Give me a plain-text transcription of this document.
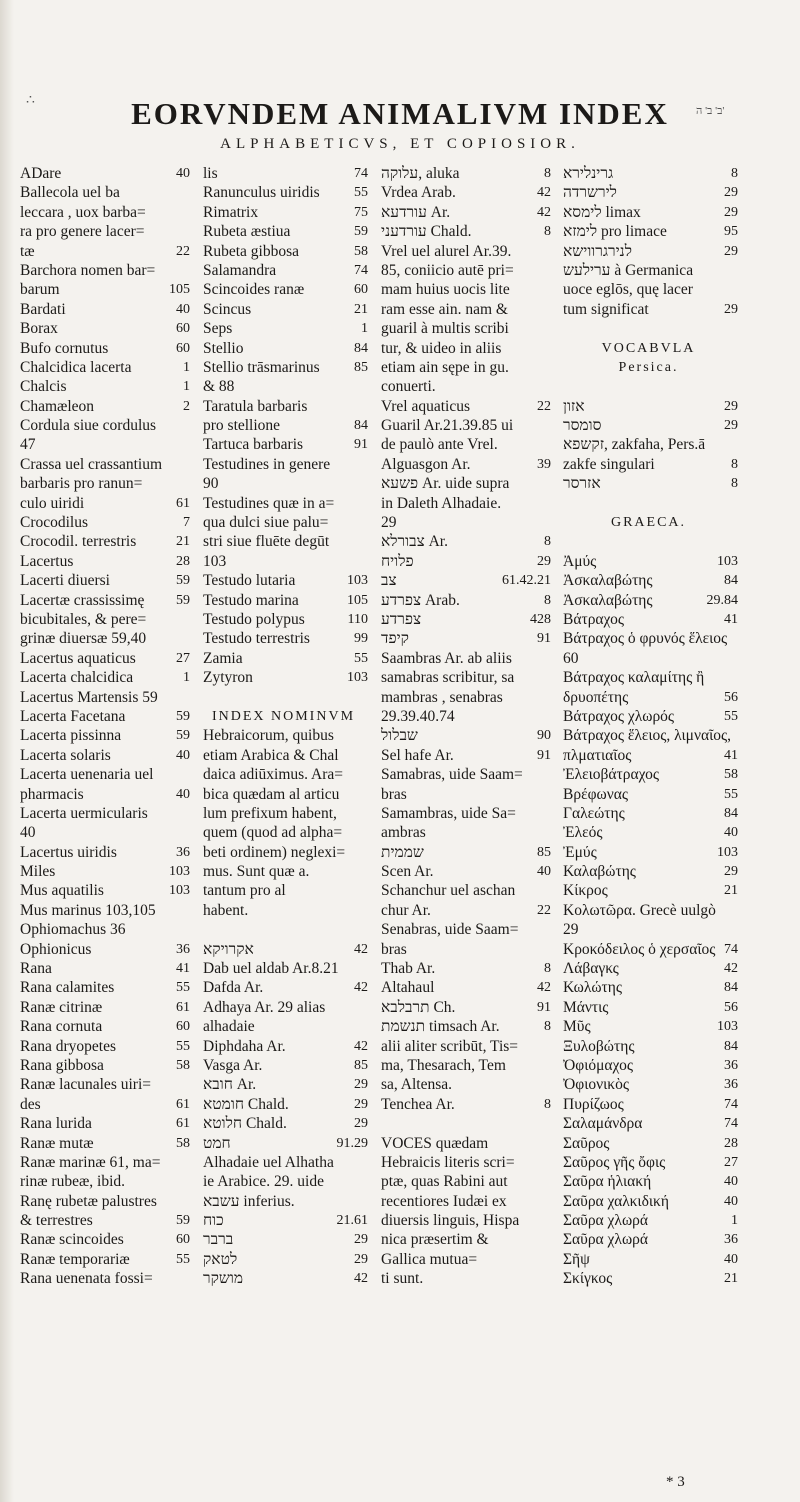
∴	EORVNDEM ANIMALIVM INDEX
ALPHABETICVS, ET COPIOSIOR.
ב' ב' ה'
ADare	40
Ballecola uel ba
leccara , uox barba=
ra pro genere lacer=
tæ	22
Barchora nomen bar=
barum	105
Bardati	40
Borax	60
Bufo cornutus	60
Chalcidica lacerta	1
Chalcis	1
Chamæleon	2
Cordula siue cordulus
47
Crassa uel crassantium
barbaris pro ranun=
culo uiridi	61
Crocodilus	7
Crocodil. terrestris	21
Lacertus	28
Lacerti diuersi	59
Lacertæ crassissimę 59
bicubitales, & pere=
grinæ diuersæ 59,40
Lacertus aquaticus	27
Lacerta chalcidica	1
Lacertus Martensis 59
Lacerta Facetana	59
Lacerta pissinna	59
Lacerta solaris	40
Lacerta uenenaria uel
pharmacis	40
Lacerta uermicularis
40
Lacertus uiridis	36
Miles	103
Mus aquatilis	103
Mus marinus 103,105
Ophiomachus 36
Ophionicus	36
Rana	41
Rana calamites	55
Ranæ citrinæ	61
Rana cornuta	60
Rana dryopetes	55
Rana gibbosa	58
Ranæ lacunales uiri=
des	61
Rana lurida	61
Ranæ mutæ	58
Ranæ marinæ 61, ma=
rinæ rubeæ, ibid.
Ranę rubetæ palustres
& terrestres	59
Ranæ scincoides	60
Ranæ temporariæ	55
Rana uenenata fossi=
lis	74
Ranunculus uiridis 55
Rimatrix	75
Rubeta æstiua	59
Rubeta gibbosa	58
Salamandra	74
Scincoides ranæ	60
Scincus	21
Seps	1
Stellio	84
Stellio trāsmarinus 85
& 88
Taratula barbaris
pro stellione	84
Tartuca barbaris	91
Testudines in genere
90
Testudines quæ in a=
qua dulci siue palu=
stri siue fluēte degūt
103
Testudo lutaria	103
Testudo marina	105
Testudo polypus	110
Testudo terrestris	99
Zamia	55
Zytyron	103
INDEX NOMINVM
Hebraicorum, quibus
etiam Arabica & Chal
daica adiūximus. Ara=
bica quædam al articu
lum prefixum habent,
quem (quod ad alpha=
beti ordinem) neglexi=
mus. Sunt quæ a.
tantum pro al
habent.
אקרויקא	42
Dab uel aldab Ar.8.21
Dafda Ar.	42
Adhaya Ar. 29 alias
alhadaie
Diphdaha Ar.	42
Vasga Ar.	85
חובא Ar.	29
חומטא Chald.	29
חלוטא Chald.	29
חמט	91.29
Alhadaie uel Alhatha
ie Arabice. 29. uide
עשבא inferius.
כוח	21.61
ברבר	29
לטאק	29
מושקר	42
עלוקה, aluka	8
Vrdea Arab.	42
עורדעא Ar.	42
עורדעני Chald.	8
Vrel uel alurel Ar.39.
85, coniicio autē pri=
mam huius uocis lite
ram esse ain. nam &
guaril à multis scribi
tur, & uideo in aliis
etiam ain sępe in gu.
conuerti.
Vrel aquaticus	22
Guaril Ar.21.39.85 ui
de paulò ante Vrel.
Alguasgon Ar.	39
פשעא Ar. uide supra
in Daleth Alhadaie.
29
צבורלא Ar.	8
פלויח	29
צב	61.42.21
צפרדע Arab.	8
צפרדע	428
קיפד	91
Saambras Ar. ab aliis
samabras scribitur, sa
mambras , senabras
29.39.40.74
שבלול	90
Sel hafe Ar.	91
Samabras, uide Saam=
bras
Samambras, uide Sa=
ambras
שממית	85
Scen Ar.	40
Schanchur uel aschan
chur Ar.	22
Senabras, uide Saam=
bras
Thab Ar.	8
Altahaul	42
תרבלבא Ch.	91
תנשמת timsach Ar.	8
alii aliter scribūt, Tis=
ma, Thesarach, Tem
sa, Altensa.
Tenchea Ar.	8
VOCES quædam
Hebraicis literis scri=
ptæ, quas Rabini aut
recentiores Iudæi ex
diuersis linguis, Hispa
nica præsertim &
Gallica mutua=
ti sunt.
גרינלירא	8
לירשרדה	29
לימסא limax	29
לימזא pro limace	95
לנירגרווישא	29
ערילעש à Germanica
uoce eglōs, quę lacer
tum significat	29
VOCABVLA
Persica.
אזון	29
סומסר	29
זקשפא, zakfaha, Pers.ā
zakfe singulari	8
אזרסר	8
GRAECA.
Ἀμύς	103
Ἀσκαλαβώτης	84
Ἀσκαλαβώτης	29.84
Βάτραχος	41
Βάτραχος ὁ φρυνός ἕλειος
60
Βάτραχος καλαμίτης ἢ
δρυοπέτης	56
Βάτραχος χλωρός	55
Βάτραχος ἕλειος, λιμναῖος,
πλματιαῖος	41
Ἐλειοβάτραχος	58
Βρέφωνας	55
Γαλεώτης	84
Ἐλεός	40
Ἐμύς	103
Καλαβώτης	29
Κίκρος	21
Κολωτῶρα. Grecè uulgò
29
Κροκόδειλος ὁ χερσαῖος 74
Λάβαγκς	42
Κωλώτης	84
Μάντις	56
Μῦς	103
Ξυλοβώτης	84
Ὀφιόμαχος	36
Ὀφιονικὸς	36
Πυρίζωος	74
Σαλαμάνδρα	74
Σαῦρος	28
Σαῦρος γῆς ὄφις	27
Σαῦρα ἡλιακή	40
Σαῦρα χαλκιδική	40
Σαῦρα χλωρά	1
Σαῦρα χλωρά	36
Σῆψ	40
Σκίγκος	21
* 3
